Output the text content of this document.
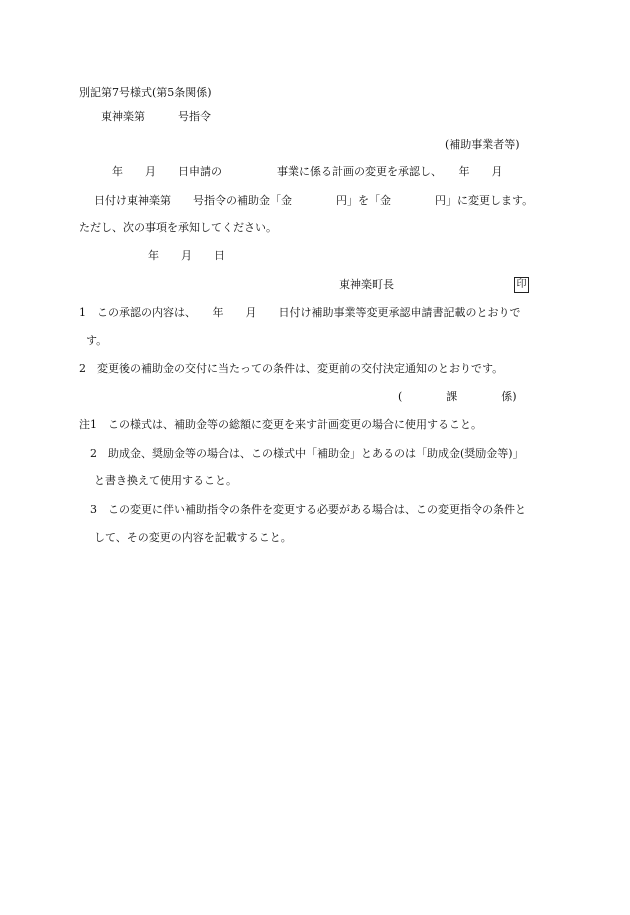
別記第7号様式(第5条関係)
東神楽第　　　号指令
(補助事業者等)
年　　月　　日申請の　　　　　事業に係る計画の変更を承認し、　　年　　月
日付け東神楽第　　号指令の補助金「金　　　　円」を「金　　　　円」に変更します。
ただし、次の事項を承知してください。
年　　月　　日
東神楽町長	印
1　この承認の内容は、　　年　　月　　日付け補助事業等変更承認申請書記載のとおりで
す。
2　変更後の補助金の交付に当たっての条件は、変更前の交付決定通知のとおりです。
(　　　　課　　　　係)
注1　この様式は、補助金等の総額に変更を来す計画変更の場合に使用すること。
2　助成金、奨励金等の場合は、この様式中「補助金」とあるのは「助成金(奨励金等)」
と書き換えて使用すること。
3　この変更に伴い補助指令の条件を変更する必要がある場合は、この変更指令の条件と
して、その変更の内容を記載すること。
